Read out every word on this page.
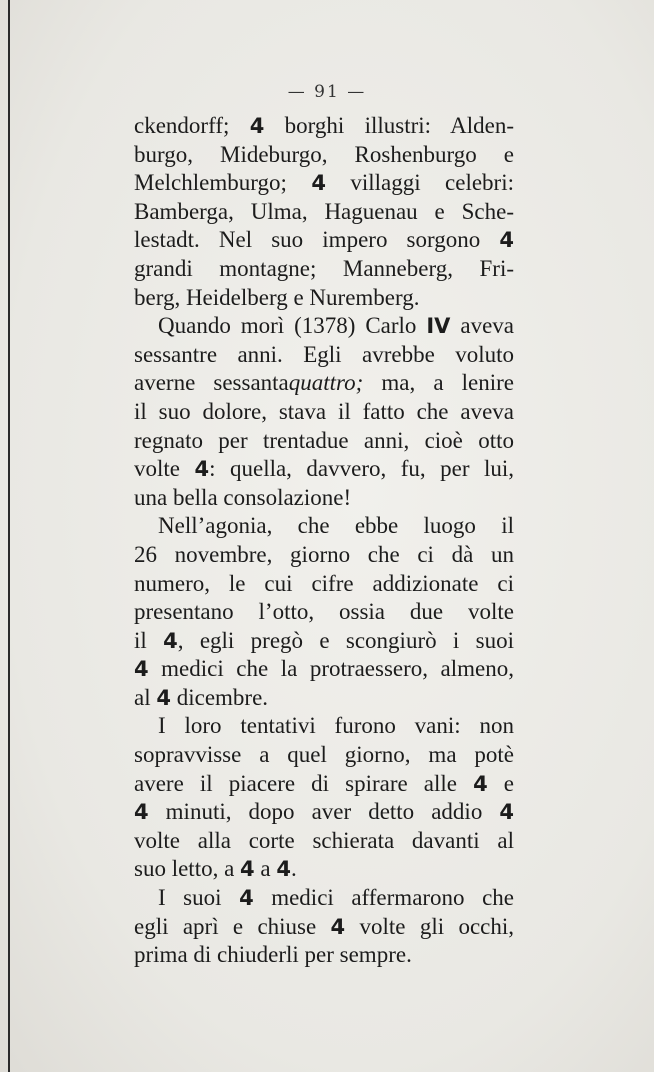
— 91 —
ckendorff; 4 borghi illustri: Alden-
burgo, Mideburgo, Roshenburgo e
Melchlemburgo; 4 villaggi celebri:
Bamberga, Ulma, Haguenau e Sche-
lestadt. Nel suo impero sorgono 4
grandi montagne; Manneberg, Fri-
berg, Heidelberg e Nuremberg.
Quando morì (1378) Carlo IV aveva
sessantre anni. Egli avrebbe voluto
averne sessantaquattro; ma, a lenire
il suo dolore, stava il fatto che aveva
regnato per trentadue anni, cioè otto
volte 4: quella, davvero, fu, per lui,
una bella consolazione!
Nell’agonia, che ebbe luogo il
26 novembre, giorno che ci dà un
numero, le cui cifre addizionate ci
presentano l’otto, ossia due volte
il 4, egli pregò e scongiurò i suoi
4 medici che la protraessero, almeno,
al 4 dicembre.
I loro tentativi furono vani: non
sopravvisse a quel giorno, ma potè
avere il piacere di spirare alle 4 e
4 minuti, dopo aver detto addio 4
volte alla corte schierata davanti al
suo letto, a 4 a 4.
I suoi 4 medici affermarono che
egli aprì e chiuse 4 volte gli occhi,
prima di chiuderli per sempre.
